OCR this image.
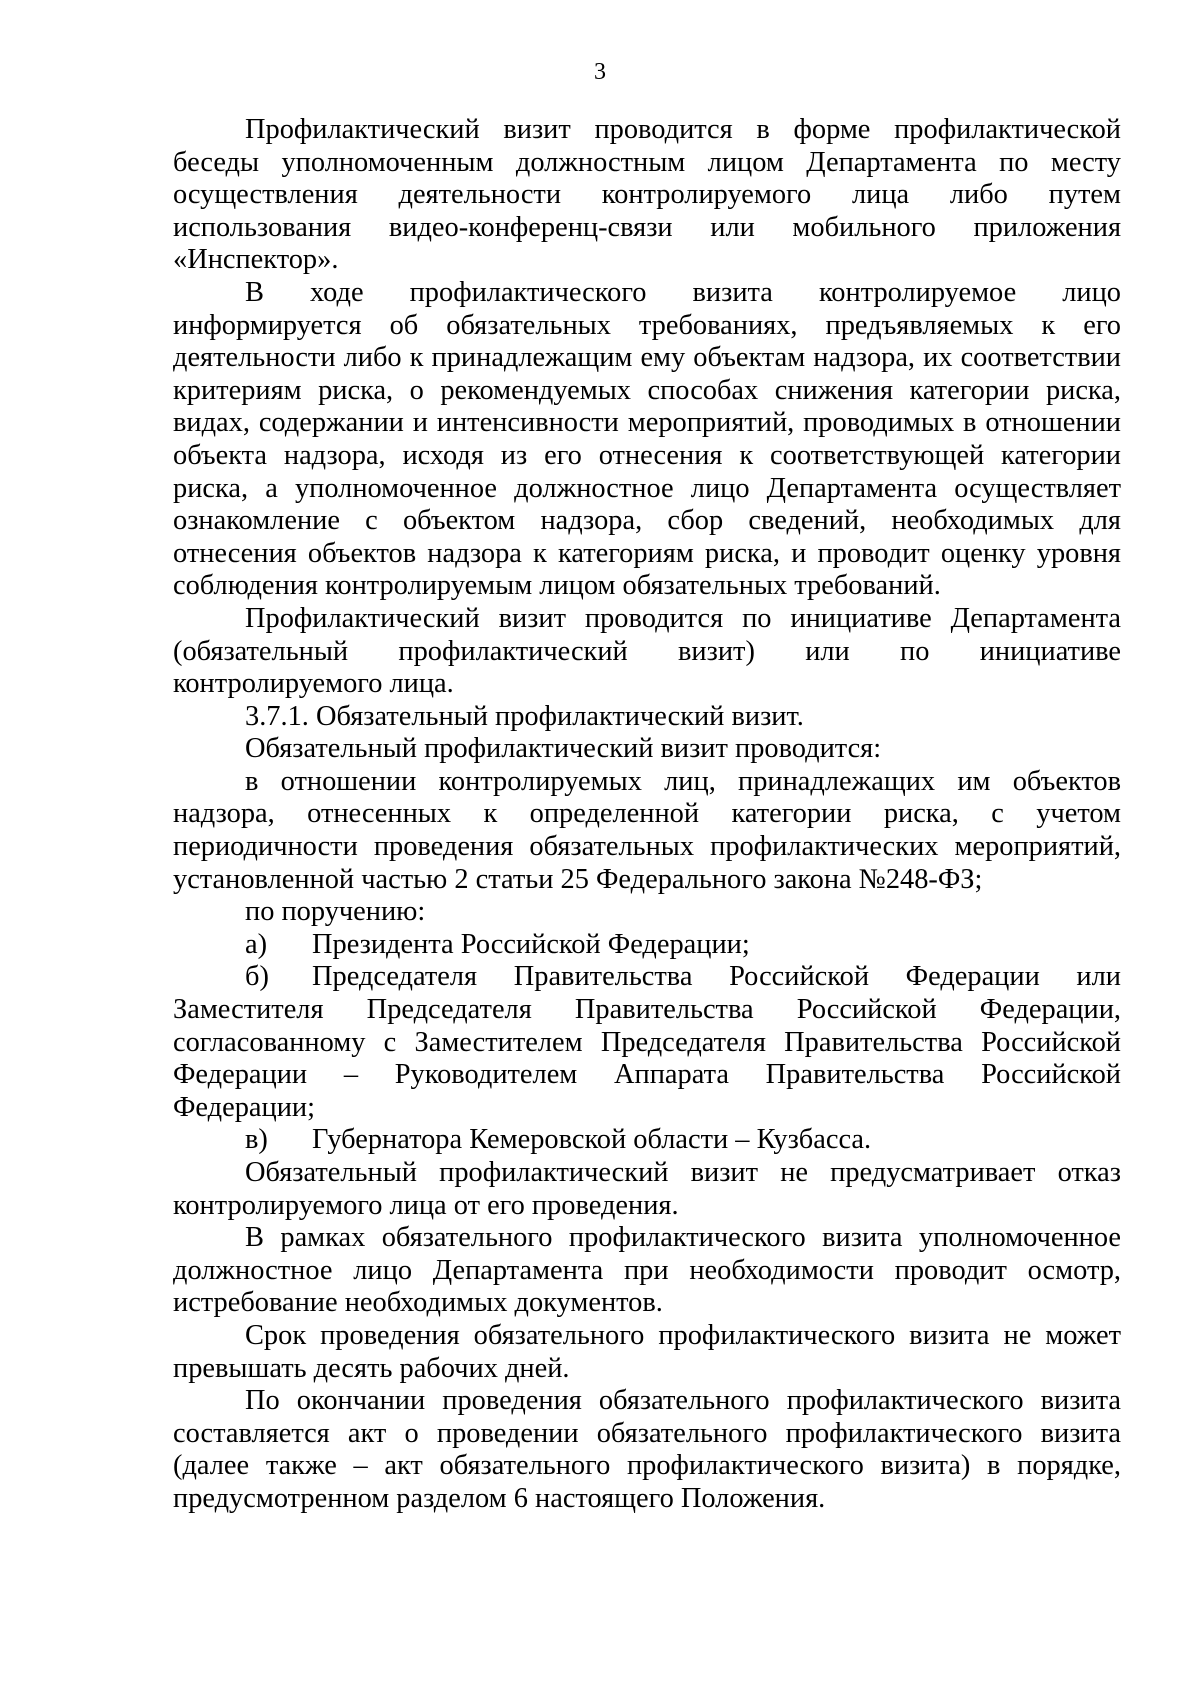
3

Профилактический визит проводится в форме профилактической беседы уполномоченным должностным лицом Департамента по месту осуществления деятельности контролируемого лица либо путем использования видео-конференц-связи или мобильного приложения «Инспектор».

В ходе профилактического визита контролируемое лицо информируется об обязательных требованиях, предъявляемых к его деятельности либо к принадлежащим ему объектам надзора, их соответствии критериям риска, о рекомендуемых способах снижения категории риска, видах, содержании и интенсивности мероприятий, проводимых в отношении объекта надзора, исходя из его отнесения к соответствующей категории риска, а уполномоченное должностное лицо Департамента осуществляет ознакомление с объектом надзора, сбор сведений, необходимых для отнесения объектов надзора к категориям риска, и проводит оценку уровня соблюдения контролируемым лицом обязательных требований.

Профилактический визит проводится по инициативе Департамента (обязательный профилактический визит) или по инициативе контролируемого лица.

3.7.1. Обязательный профилактический визит.

Обязательный профилактический визит проводится:

в отношении контролируемых лиц, принадлежащих им объектов надзора, отнесенных к определенной категории риска, с учетом периодичности проведения обязательных профилактических мероприятий, установленной частью 2 статьи 25 Федерального закона №248-ФЗ;

по поручению:

а) Президента Российской Федерации;

б) Председателя Правительства Российской Федерации или Заместителя Председателя Правительства Российской Федерации, согласованному с Заместителем Председателя Правительства Российской Федерации – Руководителем Аппарата Правительства Российской Федерации;

в) Губернатора Кемеровской области – Кузбасса.

Обязательный профилактический визит не предусматривает отказ контролируемого лица от его проведения.

В рамках обязательного профилактического визита уполномоченное должностное лицо Департамента при необходимости проводит осмотр, истребование необходимых документов.

Срок проведения обязательного профилактического визита не может превышать десять рабочих дней.

По окончании проведения обязательного профилактического визита составляется акт о проведении обязательного профилактического визита (далее также – акт обязательного профилактического визита) в порядке, предусмотренном разделом 6 настоящего Положения.
